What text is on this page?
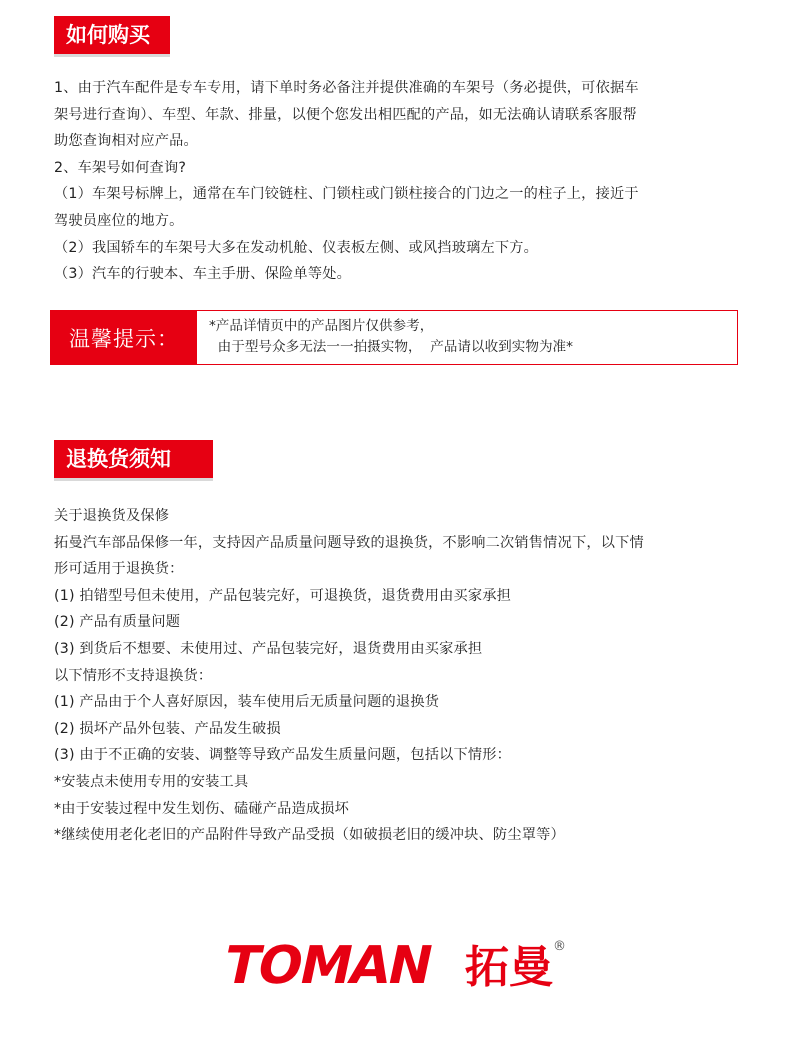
如何购买
1、由于汽车配件是专车专用，请下单时务必备注并提供准确的车架号（务必提供，可依据车
架号进行查询）、车型、年款、排量，以便个您发出相匹配的产品，如无法确认请联系客服帮
助您查询相对应产品。
2、车架号如何查询?
（1）车架号标牌上，通常在车门铰链柱、门锁柱或门锁柱接合的门边之一的柱子上，接近于
驾驶员座位的地方。
（2）我国轿车的车架号大多在发动机舱、仪表板左侧、或风挡玻璃左下方。
（3）汽车的行驶本、车主手册、保险单等处。
温馨提示：
*产品详情页中的产品图片仅供参考，
由于型号众多无法一一拍摄实物，  产品请以收到实物为准*
退换货须知
关于退换货及保修
拓曼汽车部品保修一年，支持因产品质量问题导致的退换货，不影响二次销售情况下，以下情
形可适用于退换货：
(1) 拍错型号但未使用，产品包装完好，可退换货，退货费用由买家承担
(2) 产品有质量问题
(3) 到货后不想要、未使用过、产品包装完好，退货费用由买家承担
以下情形不支持退换货：
(1) 产品由于个人喜好原因，装车使用后无质量问题的退换货
(2) 损坏产品外包装、产品发生破损
(3) 由于不正确的安装、调整等导致产品发生质量问题，包括以下情形：
*安装点未使用专用的安装工具
*由于安装过程中发生划伤、磕碰产品造成损坏
*继续使用老化老旧的产品附件导致产品受损（如破损老旧的缓冲块、防尘罩等）
TOMAN 拓曼 ®
